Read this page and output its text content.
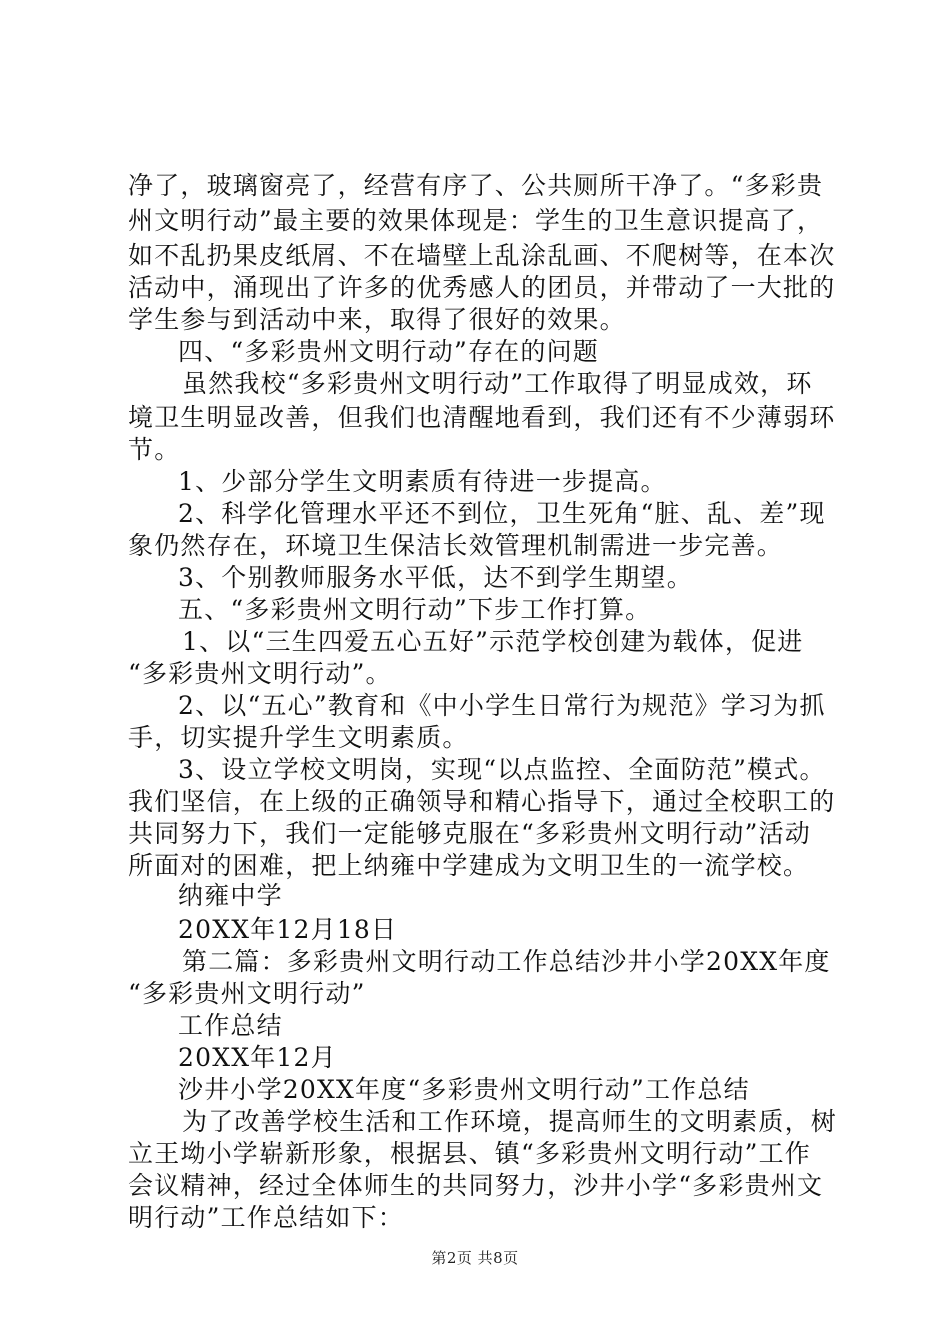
净了，玻璃窗亮了，经营有序了、公共厕所干净了。“多彩贵
州文明行动”最主要的效果体现是：学生的卫生意识提高了，
如不乱扔果皮纸屑、不在墙壁上乱涂乱画、不爬树等，在本次
活动中，涌现出了许多的优秀感人的团员，并带动了一大批的
学生参与到活动中来，取得了很好的效果。
四、“多彩贵州文明行动”存在的问题
虽然我校“多彩贵州文明行动”工作取得了明显成效，环
境卫生明显改善，但我们也清醒地看到，我们还有不少薄弱环
节。
1、少部分学生文明素质有待进一步提高。
2、科学化管理水平还不到位，卫生死角“脏、乱、差”现
象仍然存在，环境卫生保洁长效管理机制需进一步完善。
3、个别教师服务水平低，达不到学生期望。
五、“多彩贵州文明行动”下步工作打算。
1、以“三生四爱五心五好”示范学校创建为载体，促进
“多彩贵州文明行动”。
2、以“五心”教育和《中小学生日常行为规范》学习为抓
手，切实提升学生文明素质。
3、设立学校文明岗，实现“以点监控、全面防范”模式。
我们坚信，在上级的正确领导和精心指导下，通过全校职工的
共同努力下，我们一定能够克服在“多彩贵州文明行动”活动
所面对的困难，把上纳雍中学建成为文明卫生的一流学校。
纳雍中学
20XX年12月18日
第二篇：多彩贵州文明行动工作总结沙井小学20XX年度
“多彩贵州文明行动”
工作总结
20XX年12月
沙井小学20XX年度“多彩贵州文明行动”工作总结
为了改善学校生活和工作环境，提高师生的文明素质，树
立王坳小学崭新形象，根据县、镇“多彩贵州文明行动”工作
会议精神，经过全体师生的共同努力，沙井小学“多彩贵州文
明行动”工作总结如下：
第2页 共8页
